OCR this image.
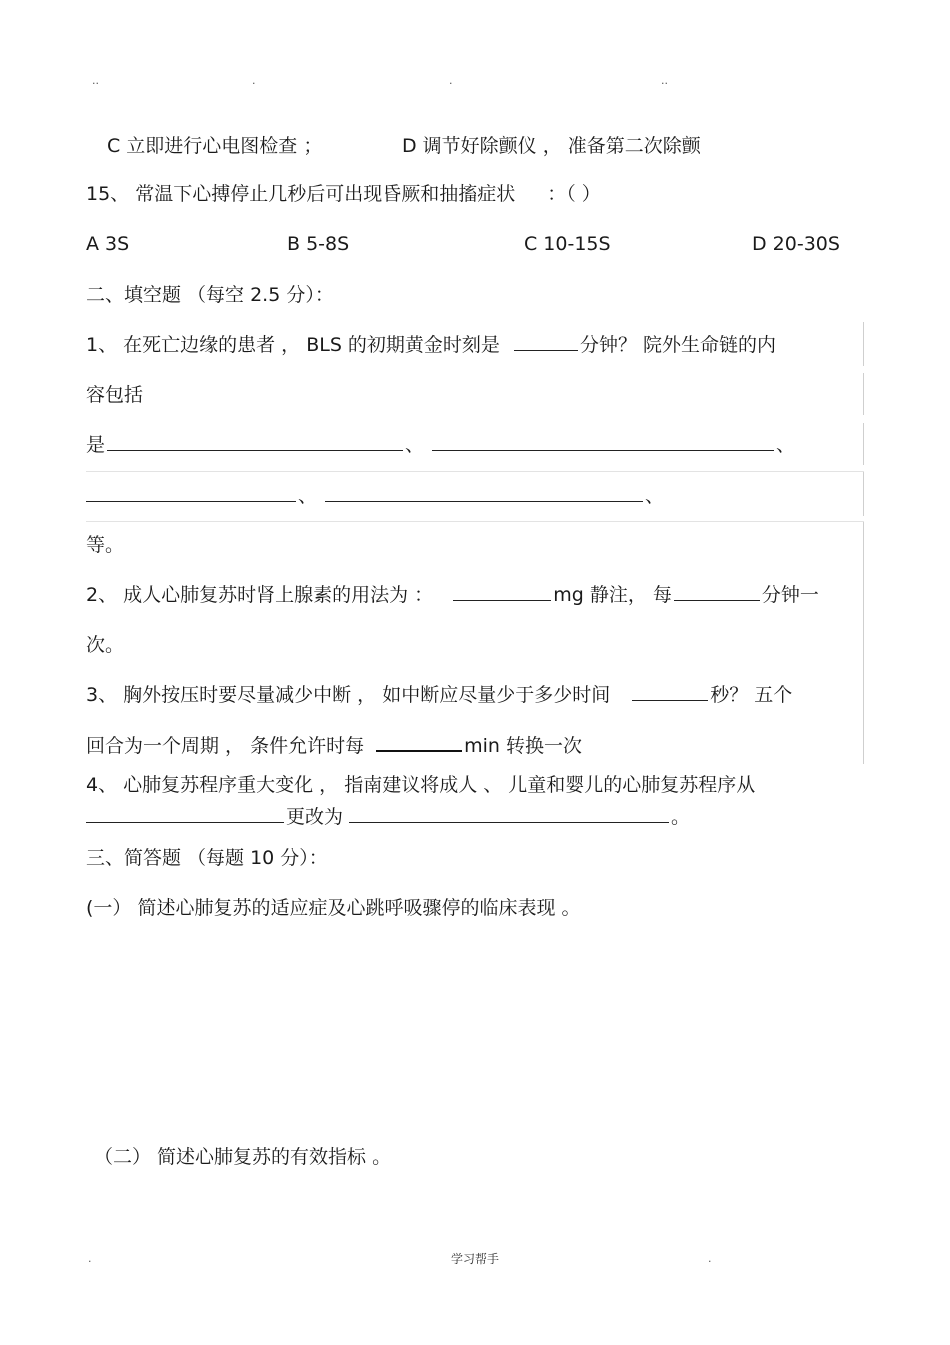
..	.	.	..
C 立即进行心电图检查 ；	D 调节好除颤仪 ， 准备第二次除颤
15、 常温下心搏停止几秒后可出现昏厥和抽搐症状 ：（ ）
A 3S	B 5-8S	C 10-15S	D 20-30S
二、填空题 （每空 2.5 分）：
1、 在死亡边缘的患者 ， BLS 的初期黄金时刻是	分钟？ 院外生命链的内
容包括
是	、	、
、	、
等。
2、 成人心肺复苏时肾上腺素的用法为 ：	mg 静注， 每	分钟一
次。
3、 胸外按压时要尽量减少中断 ， 如中断应尽量少于多少时间	秒？ 五个
回合为一个周期 ， 条件允许时每	min 转换一次
4、 心肺复苏程序重大变化 ， 指南建议将成人 、 儿童和婴儿的心肺复苏程序从
更改为	。
三、简答题 （每题 10 分）：
(一） 简述心肺复苏的适应症及心跳呼吸骤停的临床表现 。
（二） 简述心肺复苏的有效指标 。
.	学习帮手	.
